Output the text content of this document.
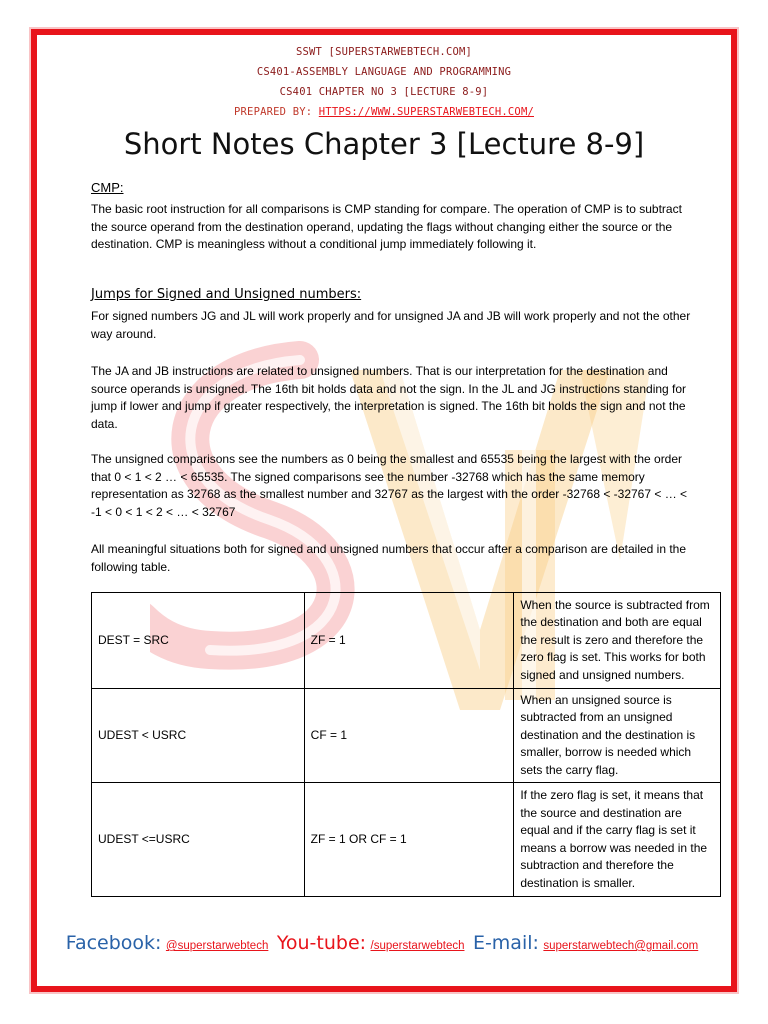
SSWT [SUPERSTARWEBTECH.COM]
CS401-ASSEMBLY LANGUAGE AND PROGRAMMING
CS401 CHAPTER NO 3 [LECTURE 8-9]
PREPARED BY: HTTPS://WWW.SUPERSTARWEBTECH.COM/
Short Notes Chapter 3 [Lecture 8-9]
CMP:
The basic root instruction for all comparisons is CMP standing for compare. The operation of CMP is to subtract the source operand from the destination operand, updating the flags without changing either the source or the destination. CMP is meaningless without a conditional jump immediately following it.
Jumps for Signed and Unsigned numbers:
For signed numbers JG and JL will work properly and for unsigned JA and JB will work properly and not the other way around.
The JA and JB instructions are related to unsigned numbers. That is our interpretation for the destination and source operands is unsigned. The 16th bit holds data and not the sign. In the JL and JG instructions standing for jump if lower and jump if greater respectively, the interpretation is signed. The 16th bit holds the sign and not the data.
The unsigned comparisons see the numbers as 0 being the smallest and 65535 being the largest with the order that 0 < 1 < 2 … < 65535. The signed comparisons see the number -32768 which has the same memory representation as 32768 as the smallest number and 32767 as the largest with the order -32768 < -32767 < … < -1 < 0 < 1 < 2 < … < 32767
All meaningful situations both for signed and unsigned numbers that occur after a comparison are detailed in the following table.
DEST = SRC	ZF = 1	When the source is subtracted from the destination and both are equal the result is zero and therefore the zero flag is set. This works for both signed and unsigned numbers.
UDEST < USRC	CF = 1	When an unsigned source is subtracted from an unsigned destination and the destination is smaller, borrow is needed which sets the carry flag.
UDEST <=USRC	ZF = 1 OR CF = 1	If the zero flag is set, it means that the source and destination are equal and if the carry flag is set it means a borrow was needed in the subtraction and therefore the destination is smaller.
Facebook: @superstarwebtech You-tube: /superstarwebtech E-mail: superstarwebtech@gmail.com
